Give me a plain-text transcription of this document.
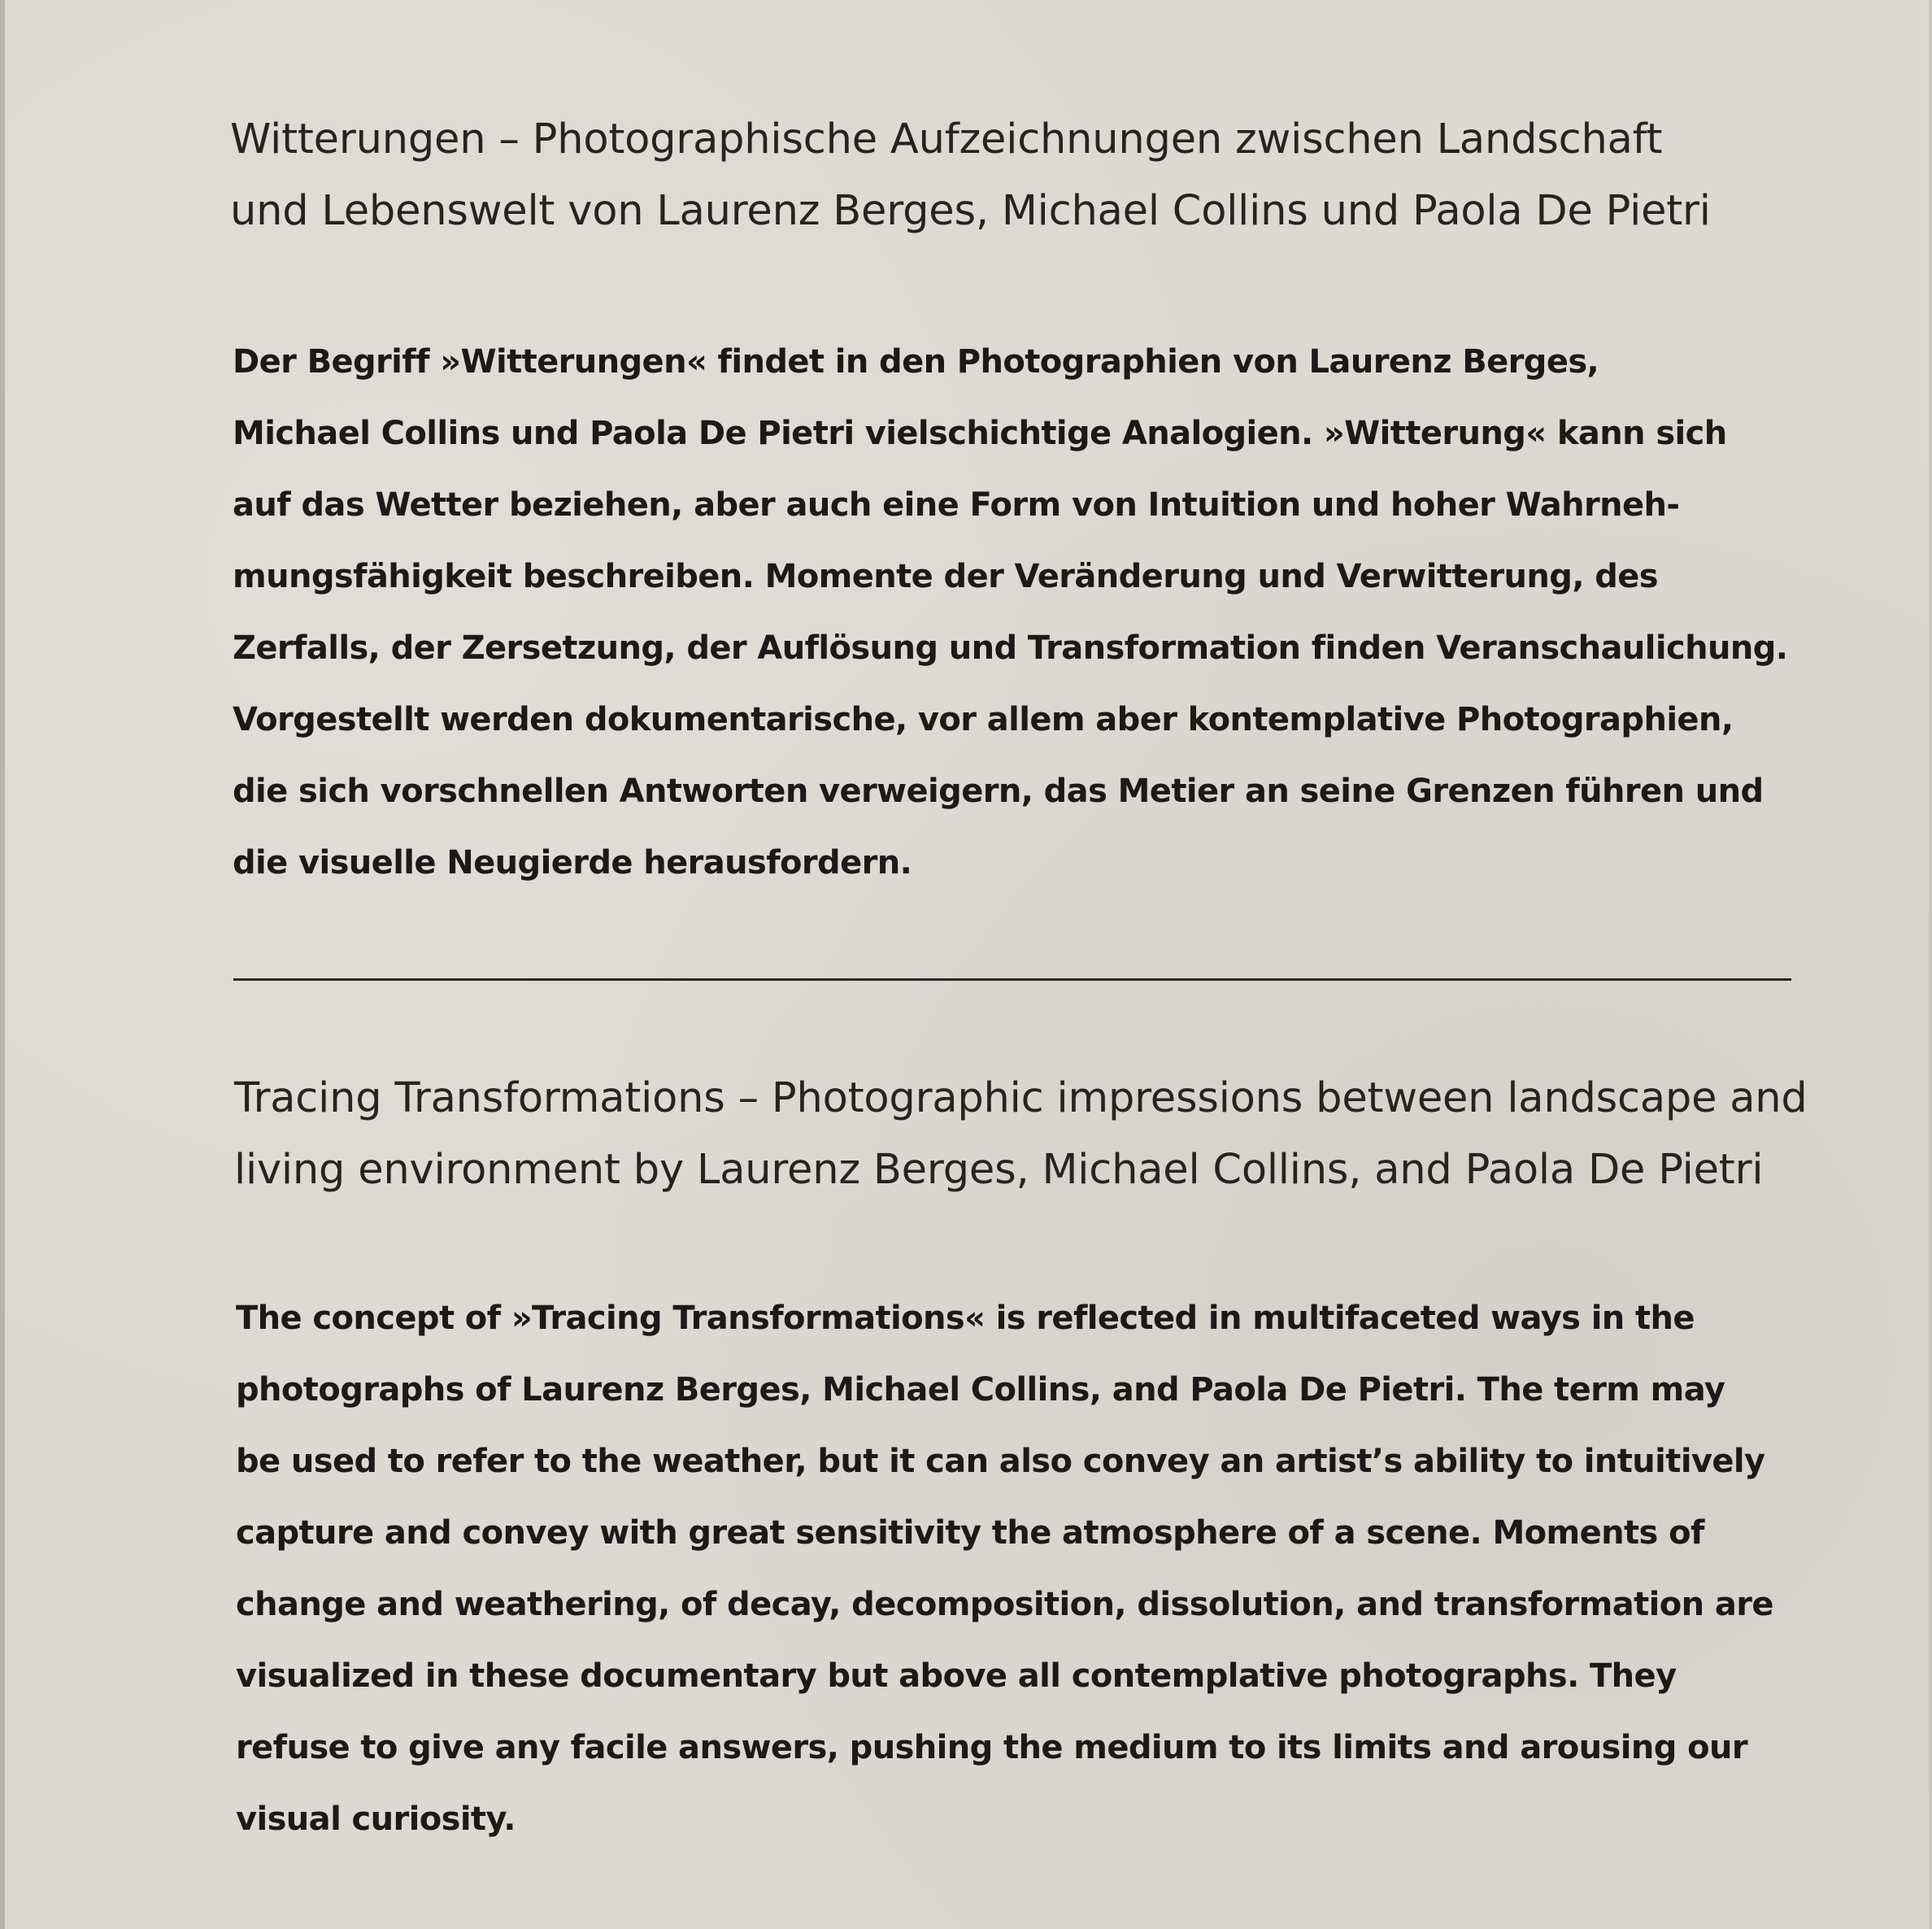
Witterungen – Photographische Aufzeichnungen zwischen Landschaft
und Lebenswelt von Laurenz Berges, Michael Collins und Paola De Pietri
Der Begriff »Witterungen« findet in den Photographien von Laurenz Berges,
Michael Collins und Paola De Pietri vielschichtige Analogien. »Witterung« kann sich
auf das Wetter beziehen, aber auch eine Form von Intuition und hoher Wahrneh-
mungsfähigkeit beschreiben. Momente der Veränderung und Verwitterung, des
Zerfalls, der Zersetzung, der Auflösung und Transformation finden Veranschaulichung.
Vorgestellt werden dokumentarische, vor allem aber kontemplative Photographien,
die sich vorschnellen Antworten verweigern, das Metier an seine Grenzen führen und
die visuelle Neugierde herausfordern.
Tracing Transformations – Photographic impressions between landscape and
living environment by Laurenz Berges, Michael Collins, and Paola De Pietri
The concept of »Tracing Transformations« is reflected in multifaceted ways in the
photographs of Laurenz Berges, Michael Collins, and Paola De Pietri. The term may
be used to refer to the weather, but it can also convey an artist’s ability to intuitively
capture and convey with great sensitivity the atmosphere of a scene. Moments of
change and weathering, of decay, decomposition, dissolution, and transformation are
visualized in these documentary but above all contemplative photographs. They
refuse to give any facile answers, pushing the medium to its limits and arousing our
visual curiosity.
